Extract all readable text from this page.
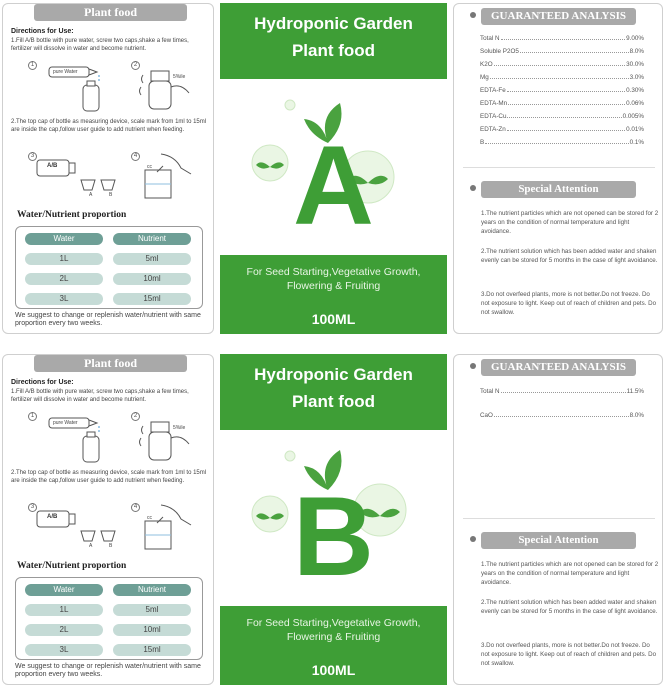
Plant food
Directions for Use:
1.Fill A/B bottle with pure water, screw two caps,shake a few times, fertilizer will dissolve in water and become nutrient.
1
pure Water
2
5%ile
2.The top cap of bottle as measuring device, scale mark from 1ml to 15ml are inside the cap,follow user guide to add nutrient when feeding.
3
A/B
A	B
4
cc
Water/Nutrient proportion
Water	Nutrient
1L	5ml
2L	10ml
3L	15ml
We suggest to change or replenish water/nutrient with same proportion every two weeks.
Hydroponic Garden
Plant food
A
For Seed Starting,Vegetative Growth, Flowering & Fruiting
100ML
GUARANTEED ANALYSIS
Total N	9.00%
Soluble P2O5	8.0%
K2O	30.0%
Mg	3.0%
EDTA-Fe	0.30%
EDTA-Mn	0.06%
EDTA-Cu	0.005%
EDTA-Zn	0.01%
B	0.1%
Special Attention
1.The nutrient particles which are not opened can be stored for 2 years on the condition of normal temperature and light avoidance.
2.The nutrient solution which has been added water and shaken evenly can be stored for 5 months in the case of light avoidance.
3.Do not overfeed plants, more is not better.Do not freeze. Do not exposure to light. Keep out of reach of children and pets. Do not swallow.
Plant food
Directions for Use:
1.Fill A/B bottle with pure water, screw two caps,shake a few times, fertilizer will dissolve in water and become nutrient.
1
pure Water
2
5%ile
2.The top cap of bottle as measuring device, scale mark from 1ml to 15ml are inside the cap,follow user guide to add nutrient when feeding.
3
A/B
A	B
4
cc
Water/Nutrient proportion
Water	Nutrient
1L	5ml
2L	10ml
3L	15ml
We suggest to change or replenish water/nutrient with same proportion every two weeks.
Hydroponic Garden
Plant food
B
For Seed Starting,Vegetative Growth, Flowering & Fruiting
100ML
GUARANTEED ANALYSIS
Total N	11.5%
CaO	8.0%
Special Attention
1.The nutrient particles which are not opened can be stored for 2 years on the condition of normal temperature and light avoidance.
2.The nutrient solution which has been added water and shaken evenly can be stored for 5 months in the case of light avoidance.
3.Do not overfeed plants, more is not better.Do not freeze. Do not exposure to light. Keep out of reach of children and pets. Do not swallow.
